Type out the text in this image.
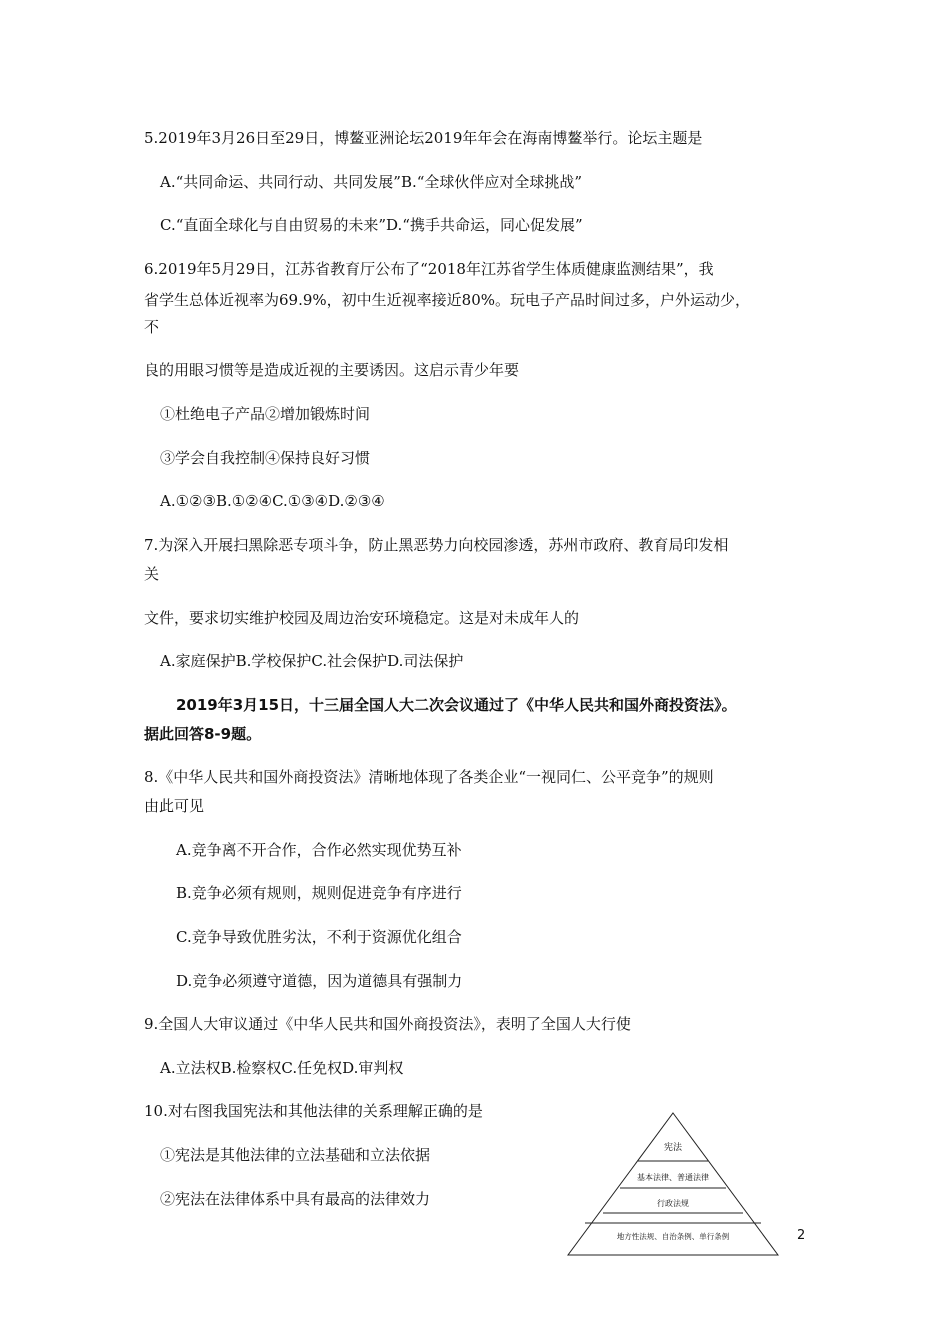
5.2019年3月26日至29日，博鳌亚洲论坛2019年年会在海南博鳌举行。论坛主题是
A.“共同命运、共同行动、共同发展”B.“全球伙伴应对全球挑战”
C.“直面全球化与自由贸易的未来”D.“携手共命运，同心促发展”
6.2019年5月29日，江苏省教育厅公布了“2018年江苏省学生体质健康监测结果”，我
省学生总体近视率为69.9%，初中生近视率接近80%。玩电子产品时间过多，户外运动少，
不
良的用眼习惯等是造成近视的主要诱因。这启示青少年要
①杜绝电子产品②增加锻炼时间
③学会自我控制④保持良好习惯
A.①②③B.①②④C.①③④D.②③④
7.为深入开展扫黑除恶专项斗争，防止黑恶势力向校园渗透，苏州市政府、教育局印发相
关
文件，要求切实维护校园及周边治安环境稳定。这是对未成年人的
A.家庭保护B.学校保护C.社会保护D.司法保护
2019年3月15日，十三届全国人大二次会议通过了《中华人民共和国外商投资法》。
据此回答8-9题。
8.《中华人民共和国外商投资法》清晰地体现了各类企业“一视同仁、公平竞争”的规则
由此可见
A.竞争离不开合作，合作必然实现优势互补
B.竞争必须有规则，规则促进竞争有序进行
C.竞争导致优胜劣汰，不利于资源优化组合
D.竞争必须遵守道德，因为道德具有强制力
9.全国人大审议通过《中华人民共和国外商投资法》，表明了全国人大行使
A.立法权B.检察权C.任免权D.审判权
10.对右图我国宪法和其他法律的关系理解正确的是
①宪法是其他法律的立法基础和立法依据
②宪法在法律体系中具有最高的法律效力
宪法
基本法律、普通法律
行政法规
地方性法规、自治条例、单行条例	2
